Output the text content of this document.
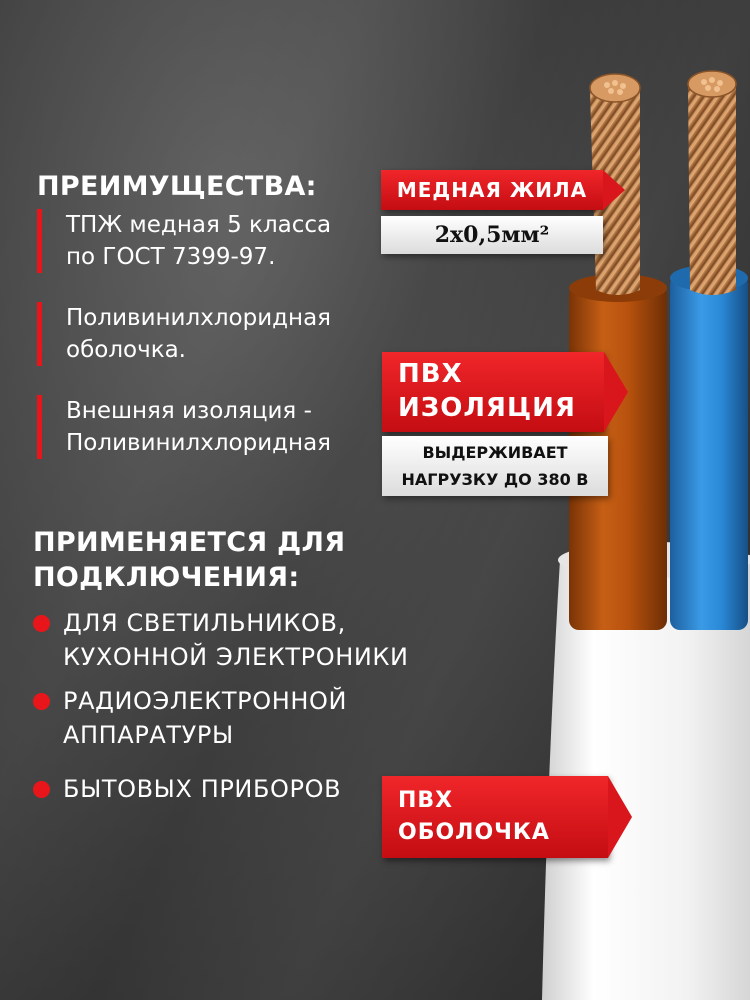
ПРЕИМУЩЕСТВА:
ТПЖ медная 5 класса
по ГОСТ 7399-97.
Поливинилхлоридная
оболочка.
Внешняя изоляция -
Поливинилхлоридная
ПРИМЕНЯЕТСЯ ДЛЯ
ПОДКЛЮЧЕНИЯ:
ДЛЯ СВЕТИЛЬНИКОВ,
КУХОННОЙ ЭЛЕКТРОНИКИ
РАДИОЭЛЕКТРОННОЙ
АППАРАТУРЫ
БЫТОВЫХ ПРИБОРОВ
МЕДНАЯ ЖИЛА
2х0,5мм²
ПВХ
ИЗОЛЯЦИЯ
ВЫДЕРЖИВАЕТ
НАГРУЗКУ ДО 380 В
ПВХ
ОБОЛОЧКА
